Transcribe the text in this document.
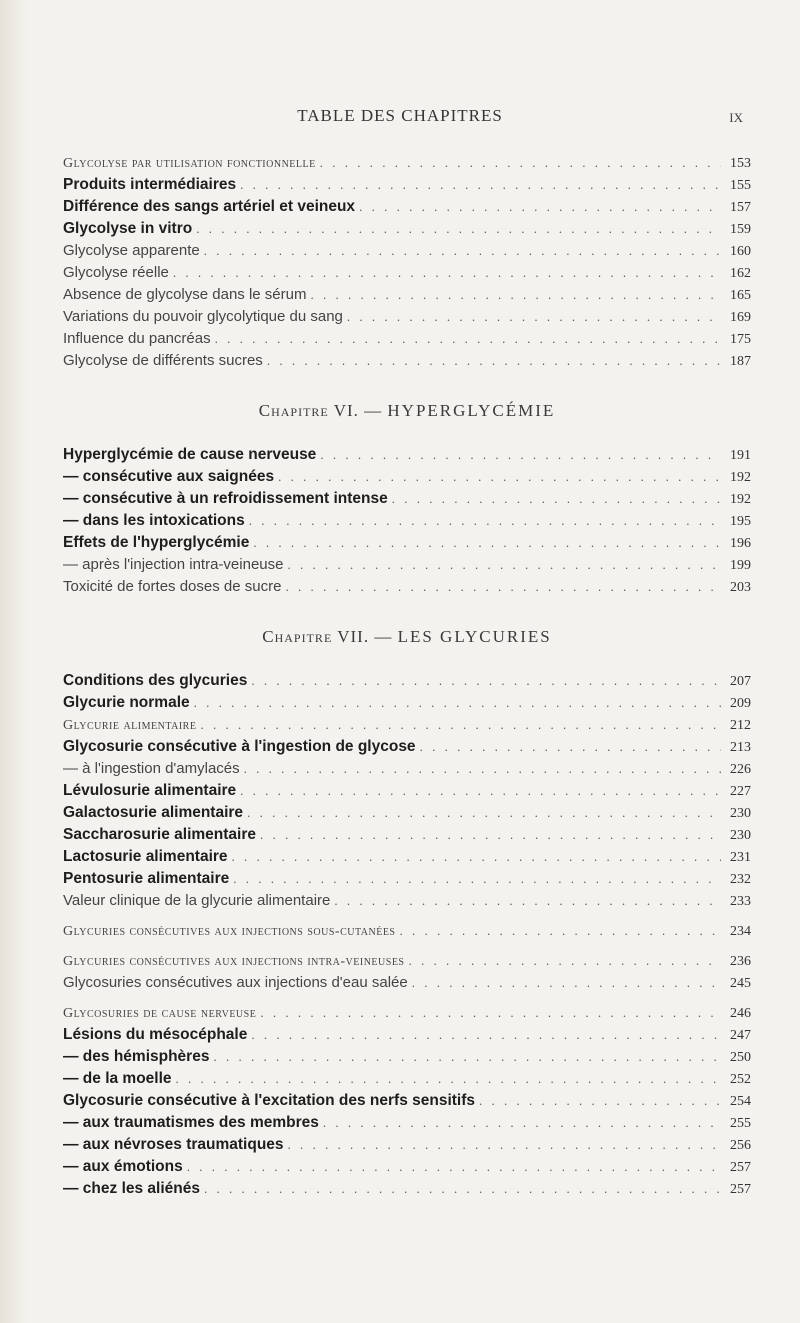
TABLE DES CHAPITRES	IX
Glycolyse par utilisation fonctionnelle . . .	153
Produits intermédiaires . . .	155
Différence des sangs artériel et veineux . . .	157
Glycolyse in vitro . . .	159
Glycolyse apparente . . .	160
Glycolyse réelle . . .	162
Absence de glycolyse dans le sérum . . .	165
Variations du pouvoir glycolytique du sang . . .	169
Influence du pancréas . . .	175
Glycolyse de différents sucres . . .	187
Chapitre VI. — HYPERGLYCÉMIE
Hyperglycémie de cause nerveuse . . .	191
— consécutive aux saignées . . .	192
— consécutive à un refroidissement intense . . .	192
— dans les intoxications . . .	195
Effets de l'hyperglycémie . . .	196
— après l'injection intra-veineuse . . .	199
Toxicité de fortes doses de sucre . . .	203
Chapitre VII. — LES GLYCURIES
Conditions des glycuries . . .	207
Glycurie normale . . .	209
Glycurie alimentaire . . .	212
Glycosurie consécutive à l'ingestion de glycose . . .	213
— à l'ingestion d'amylacés . . .	226
Lévulosurie alimentaire . . .	227
Galactosurie alimentaire . . .	230
Saccharosurie alimentaire . . .	230
Lactosurie alimentaire . . .	231
Pentosurie alimentaire . . .	232
Valeur clinique de la glycurie alimentaire . . .	233
Glycuries consécutives aux injections sous-cutanées . . .	234
Glycuries consécutives aux injections intra-veineuses . . .	236
Glycosuries consécutives aux injections d'eau salée . . .	245
Glycosuries de cause nerveuse . . .	246
Lésions du mésocéphale . . .	247
— des hémisphères . . .	250
— de la moelle . . .	252
Glycosurie consécutive à l'excitation des nerfs sensitifs . . .	254
— aux traumatismes des membres . . .	255
— aux névroses traumatiques . . .	256
— aux émotions . . .	257
— chez les aliénés . . .	257
